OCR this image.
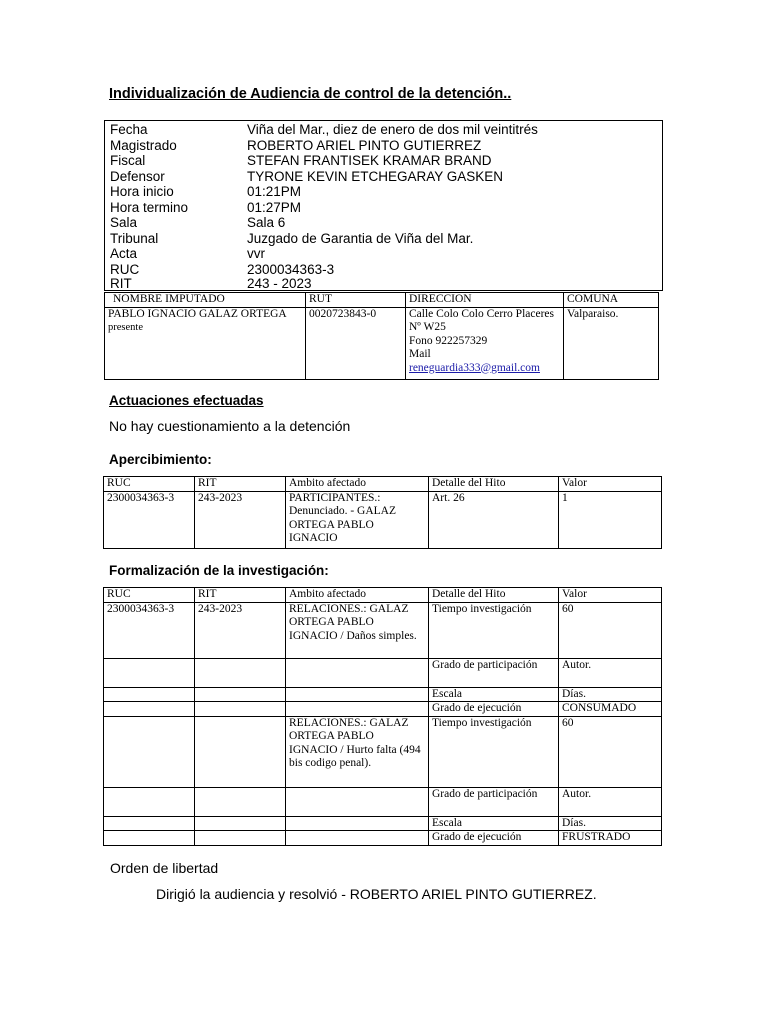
Individualización de Audiencia de control de la detención..
Fecha	Viña del Mar., diez de enero de dos mil veintitrés
Magistrado	ROBERTO ARIEL PINTO GUTIERREZ
Fiscal	STEFAN FRANTISEK KRAMAR BRAND
Defensor	TYRONE KEVIN ETCHEGARAY GASKEN
Hora inicio	01:21PM
Hora termino	01:27PM
Sala	Sala 6
Tribunal	Juzgado de Garantia de Viña del Mar.
Acta	vvr
RUC	2300034363-3
RIT	243 - 2023
NOMBRE IMPUTADO	RUT	DIRECCION	COMUNA
PABLO IGNACIO GALAZ ORTEGA presente	0020723843-0	Calle Colo Colo Cerro Placeres Nº W25
Fono 922257329
Mail
reneguardia333@gmail.com	Valparaiso.
Actuaciones efectuadas
No hay cuestionamiento a la detención
Apercibimiento:
RUC	RIT	Ambito afectado	Detalle del Hito	Valor
2300034363-3	243-2023	PARTICIPANTES.: Denunciado. - GALAZ ORTEGA PABLO IGNACIO	Art. 26	1
Formalización de la investigación:
RUC	RIT	Ambito afectado	Detalle del Hito	Valor
2300034363-3	243-2023	RELACIONES.: GALAZ ORTEGA PABLO IGNACIO / Daños simples.	Tiempo investigación	60
			Grado de participación	Autor.
			Escala	Días.
			Grado de ejecución	CONSUMADO
		RELACIONES.: GALAZ ORTEGA PABLO IGNACIO / Hurto falta (494 bis codigo penal).	Tiempo investigación	60
			Grado de participación	Autor.
			Escala	Días.
			Grado de ejecución	FRUSTRADO
Orden de libertad
Dirigió la audiencia y resolvió - ROBERTO ARIEL PINTO GUTIERREZ.
